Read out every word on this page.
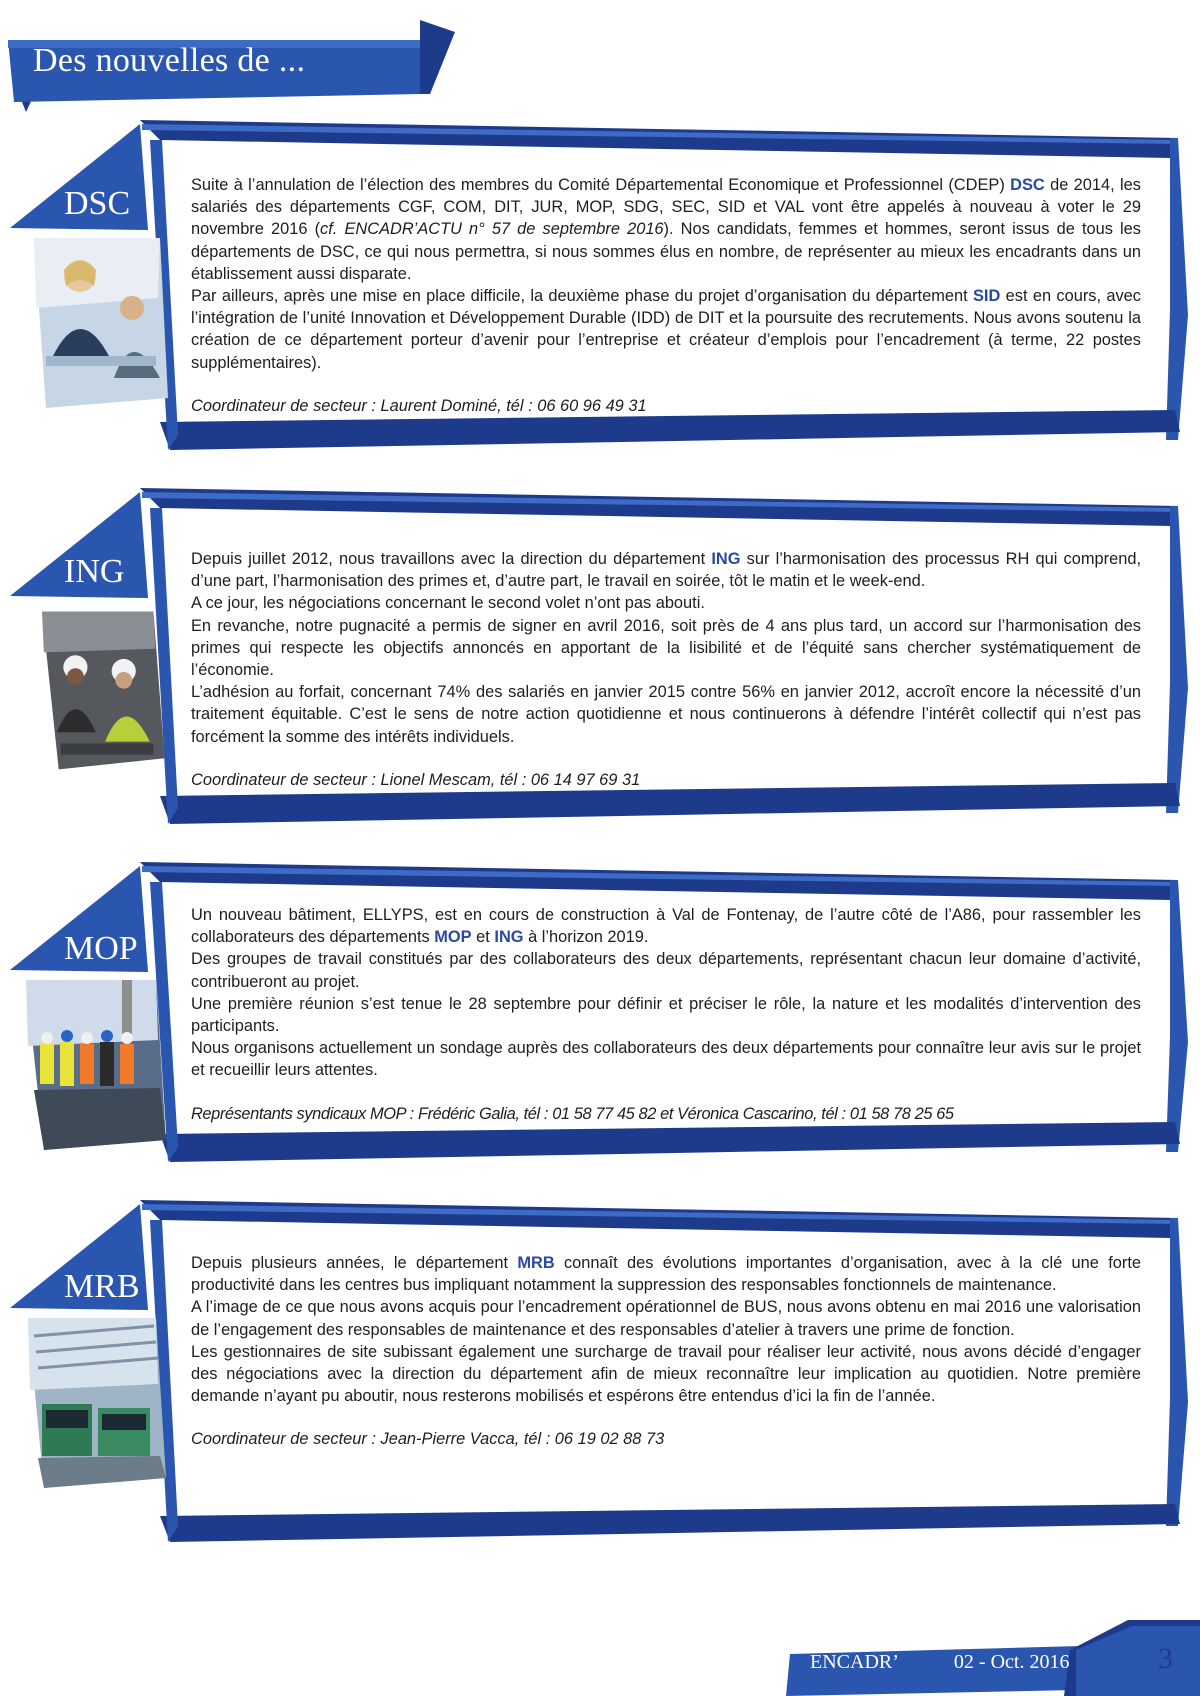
Des nouvelles de ...
DSC	Suite à l’annulation de l’élection des membres du Comité Départemental Economique et Professionnel (CDEP) DSC de 2014, les salariés des départements CGF, COM, DIT, JUR, MOP, SDG, SEC, SID et VAL vont être appelés à nouveau à voter le 29 novembre 2016 (cf. ENCADR’ACTU n° 57 de septembre 2016). Nos candidats, femmes et hommes, seront issus de tous les départements de DSC, ce qui nous permettra, si nous sommes élus en nombre, de représenter au mieux les encadrants dans un établissement aussi disparate.

Par ailleurs, après une mise en place difficile, la deuxième phase du projet d’organisation du département SID est en cours, avec l’intégration de l’unité Innovation et Développement Durable (IDD) de DIT et la poursuite des recrutements. Nous avons soutenu la création de ce département porteur d’avenir pour l’entreprise et créateur d’emplois pour l’encadrement (à terme, 22 postes supplémentaires).

Coordinateur de secteur : Laurent Dominé, tél : 06 60 96 49 31

ING	Depuis juillet 2012, nous travaillons avec la direction du département ING sur l’harmonisation des processus RH qui comprend, d’une part, l’harmonisation des primes et, d’autre part, le travail en soirée, tôt le matin et le week-end.

A ce jour, les négociations concernant le second volet n’ont pas abouti.

En revanche, notre pugnacité a permis de signer en avril 2016, soit près de 4 ans plus tard, un accord sur l’harmonisation des primes qui respecte les objectifs annoncés en apportant de la lisibilité et de l’équité sans chercher systématiquement de l’économie.

L’adhésion au forfait, concernant 74% des salariés en janvier 2015 contre 56% en janvier 2012, accroît encore la nécessité d’un traitement équitable. C’est le sens de notre action quotidienne et nous continuerons à défendre l’intérêt collectif qui n’est pas forcément la somme des intérêts individuels.

Coordinateur de secteur : Lionel Mescam, tél : 06 14 97 69 31

MOP

Un nouveau bâtiment, ELLYPS, est en cours de construction à Val de Fontenay, de l’autre côté de l’A86, pour rassembler les collaborateurs des départements MOP et ING à l’horizon 2019.

Des groupes de travail constitués par des collaborateurs des deux départements, représentant chacun leur domaine d’activité, contribueront au projet.

Une première réunion s’est tenue le 28 septembre pour définir et préciser le rôle, la nature et les modalités d’intervention des participants.

Nous organisons actuellement un sondage auprès des collaborateurs des deux départements pour connaître leur avis sur le projet et recueillir leurs attentes.

Représentants syndicaux MOP : Frédéric Galia, tél : 01 58 77 45 82 et Véronica Cascarino, tél : 01 58 78 25 65

MRB

Depuis plusieurs années, le département MRB connaît des évolutions importantes d’organisation, avec à la clé une forte productivité dans les centres bus impliquant notamment la suppression des responsables fonctionnels de maintenance.

A l’image de ce que nous avons acquis pour l’encadrement opérationnel de BUS, nous avons obtenu en mai 2016 une valorisation de l’engagement des responsables de maintenance et des responsables d’atelier à travers une prime de fonction.

Les gestionnaires de site subissant également une surcharge de travail pour réaliser leur activité, nous avons décidé d’engager des négociations avec la direction du département afin de mieux reconnaître leur implication au quotidien. Notre première demande n’ayant pu aboutir, nous resterons mobilisés et espérons être entendus d’ici la fin de l’année.

Coordinateur de secteur : Jean-Pierre Vacca, tél : 06 19 02 88 73

ENCADR’INFO 02 - Oct. 2016	3
